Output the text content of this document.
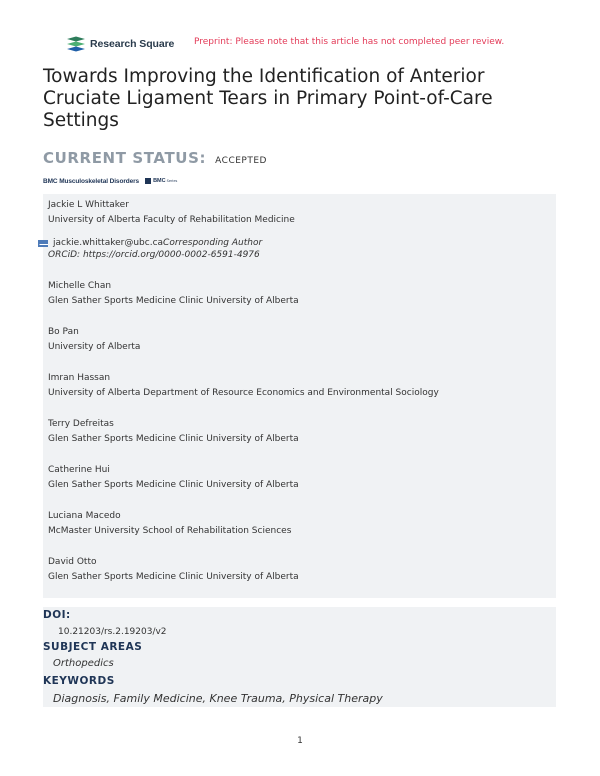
Research Square Preprint: Please note that this article has not completed peer review.
Towards Improving the Identification of Anterior Cruciate Ligament Tears in Primary Point-of-Care Settings
CURRENT STATUS: ACCEPTED
BMC Musculoskeletal Disorders	BMC Series
Jackie L Whittaker
University of Alberta Faculty of Rehabilitation Medicine
jackie.whittaker@ubc.ca Corresponding Author
ORCiD: https://orcid.org/0000-0002-6591-4976
Michelle Chan
Glen Sather Sports Medicine Clinic University of Alberta
Bo Pan
University of Alberta
Imran Hassan
University of Alberta Department of Resource Economics and Environmental Sociology
Terry Defreitas
Glen Sather Sports Medicine Clinic University of Alberta
Catherine Hui
Glen Sather Sports Medicine Clinic University of Alberta
Luciana Macedo
McMaster University School of Rehabilitation Sciences
David Otto
Glen Sather Sports Medicine Clinic University of Alberta
DOI:
10.21203/rs.2.19203/v2
SUBJECT AREAS
Orthopedics
KEYWORDS
Diagnosis, Family Medicine, Knee Trauma, Physical Therapy
1
